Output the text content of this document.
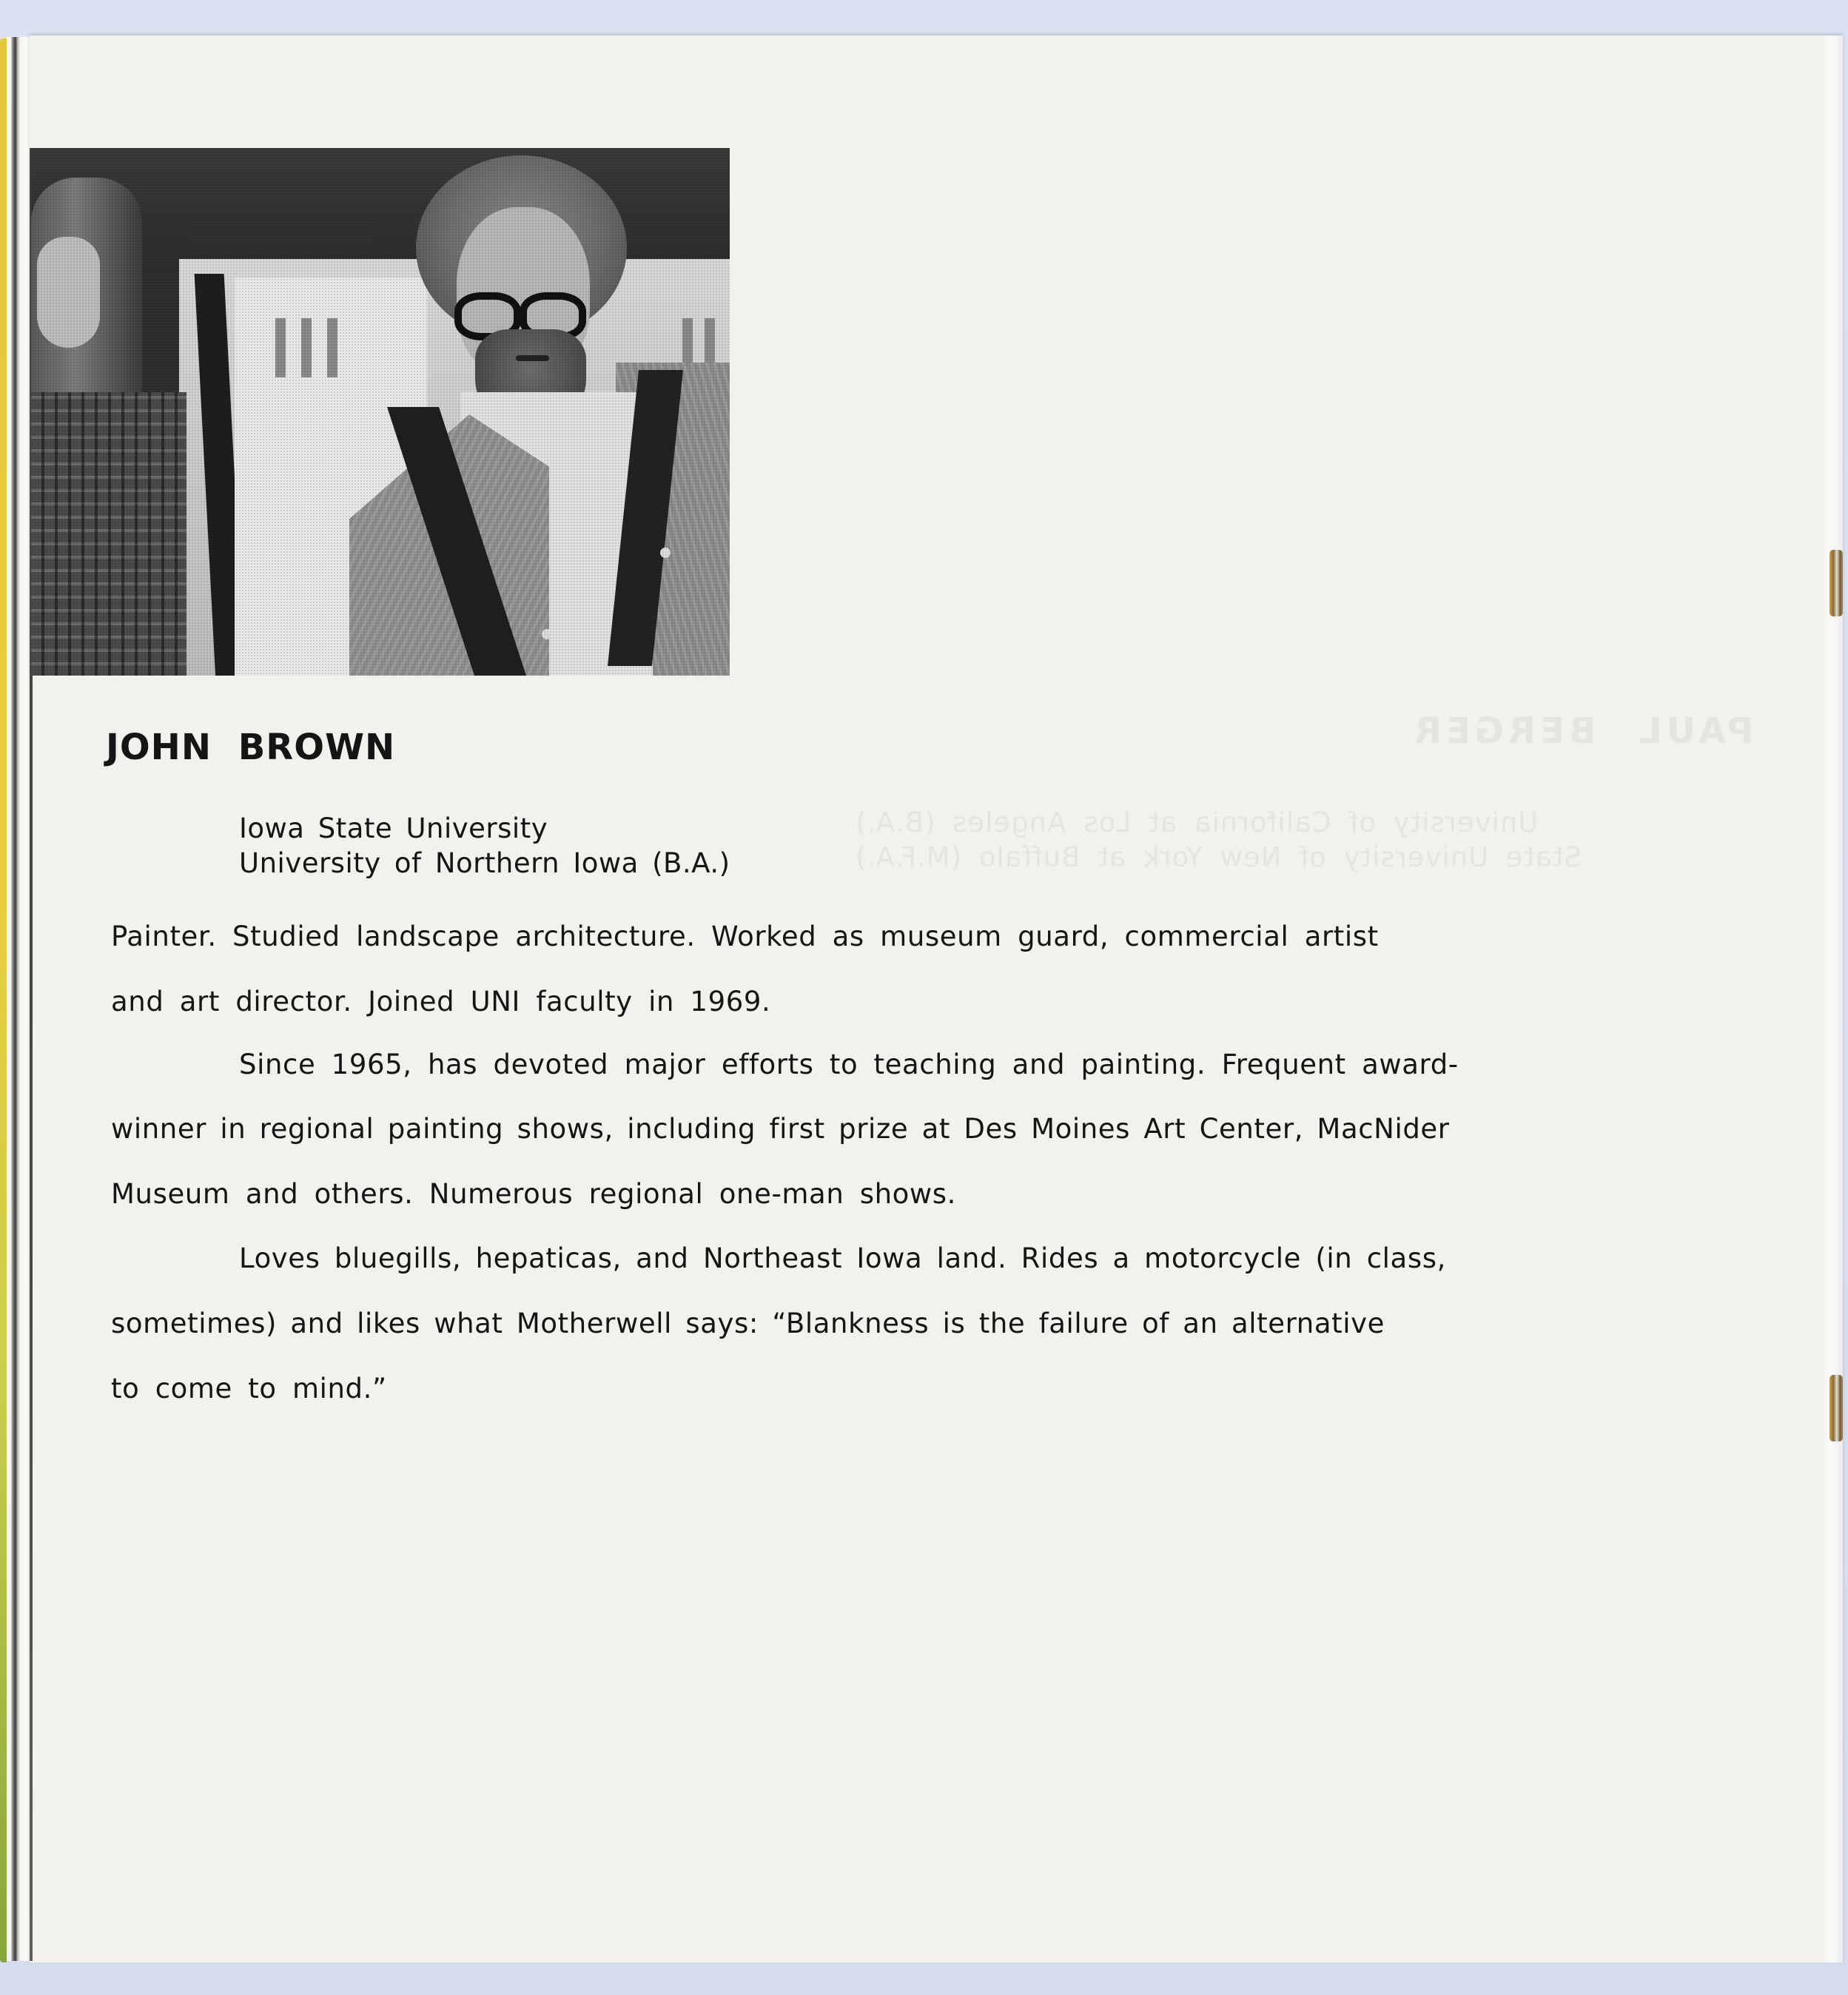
JOHN BROWN
Iowa State University
University of Northern Iowa (B.A.)
Painter. Studied landscape architecture. Worked as museum guard, commercial artist
and art director. Joined UNI faculty in 1969.
Since 1965, has devoted major efforts to teaching and painting. Frequent award-
winner in regional painting shows, including first prize at Des Moines Art Center, MacNider
Museum and others. Numerous regional one-man shows.
Loves bluegills, hepaticas, and Northeast Iowa land. Rides a motorcycle (in class,
sometimes) and likes what Motherwell says: “Blankness is the failure of an alternative
to come to mind.”
